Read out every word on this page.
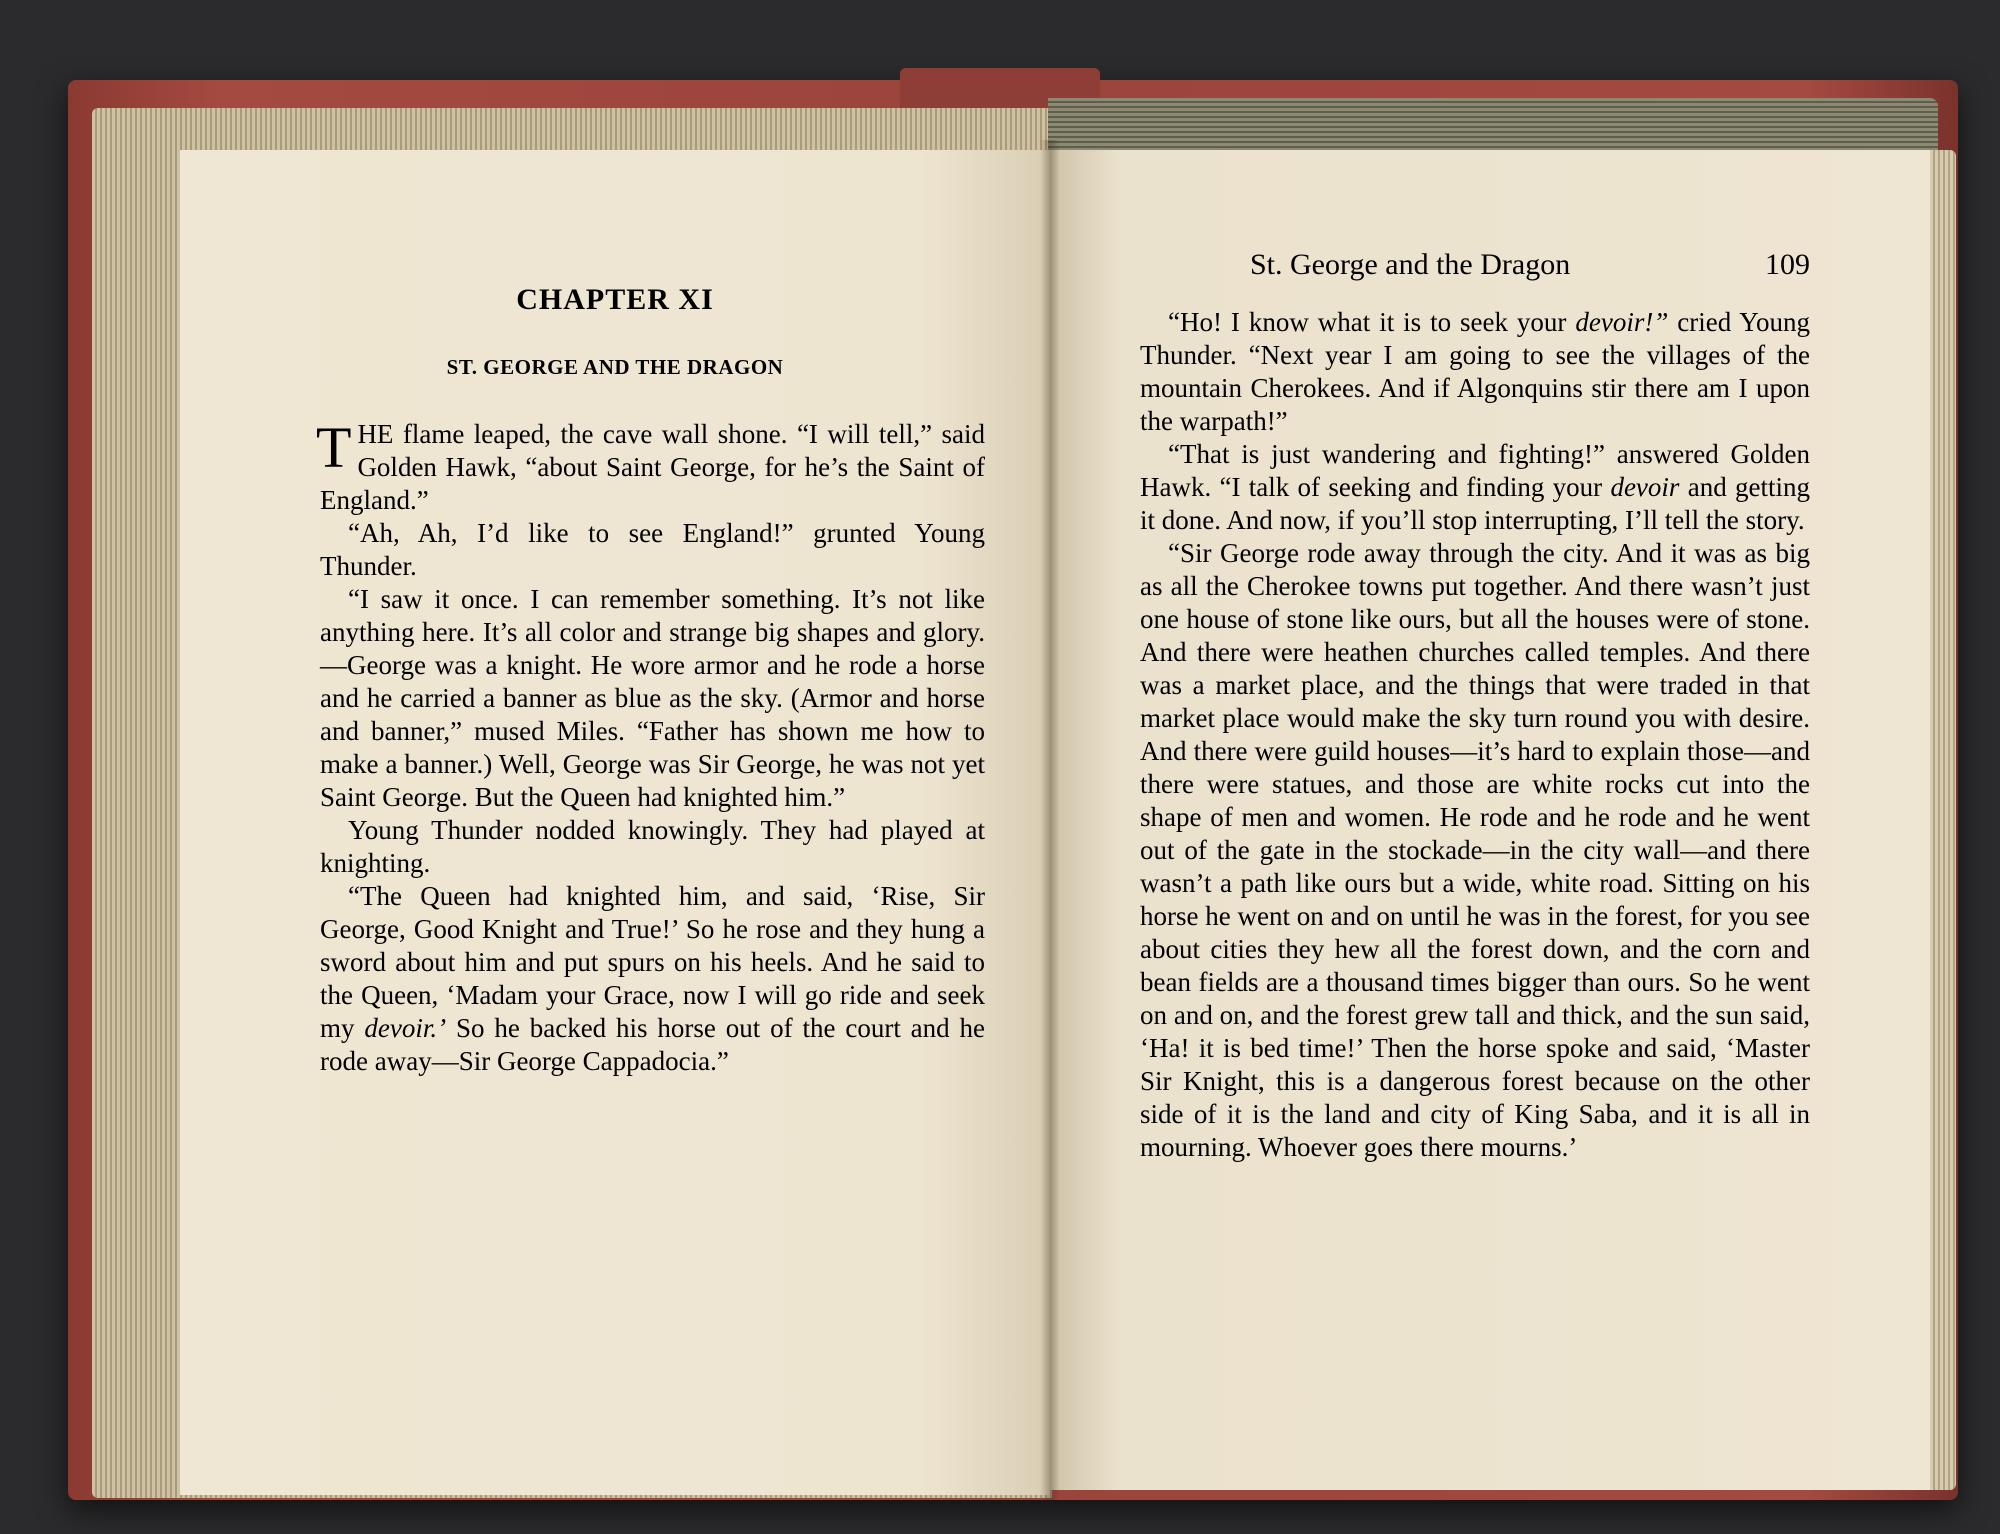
CHAPTER XI
ST. GEORGE AND THE DRAGON

THE flame leaped, the cave wall shone. “I will tell,” said Golden Hawk, “about Saint George, for he’s the Saint of England.”

“Ah, Ah, I’d like to see England!” grunted Young Thunder.

“I saw it once. I can remember something. It’s not like anything here. It’s all color and strange big shapes and glory.—George was a knight. He wore armor and he rode a horse and he carried a banner as blue as the sky. (Armor and horse and banner,” mused Miles. “Father has shown me how to make a banner.) Well, George was Sir George, he was not yet Saint George. But the Queen had knighted him.”

Young Thunder nodded knowingly. They had played at knighting.

“The Queen had knighted him, and said, ‘Rise, Sir George, Good Knight and True!’ So he rose and they hung a sword about him and put spurs on his heels. And he said to the Queen, ‘Madam your Grace, now I will go ride and seek my devoir.’ So he backed his horse out of the court and he rode away—Sir George Cappadocia.”

St. George and the Dragon	109

“Ho! I know what it is to seek your devoir!” cried Young Thunder. “Next year I am going to see the villages of the mountain Cherokees. And if Algonquins stir there am I upon the warpath!”

“That is just wandering and fighting!” answered Golden Hawk. “I talk of seeking and finding your devoir and getting it done. And now, if you’ll stop interrupting, I’ll tell the story.

“Sir George rode away through the city. And it was as big as all the Cherokee towns put together. And there wasn’t just one house of stone like ours, but all the houses were of stone. And there were heathen churches called temples. And there was a market place, and the things that were traded in that market place would make the sky turn round you with desire. And there were guild houses—it’s hard to explain those—and there were statues, and those are white rocks cut into the shape of men and women. He rode and he rode and he went out of the gate in the stockade—in the city wall—and there wasn’t a path like ours but a wide, white road. Sitting on his horse he went on and on until he was in the forest, for you see about cities they hew all the forest down, and the corn and bean fields are a thousand times bigger than ours. So he went on and on, and the forest grew tall and thick, and the sun said, ‘Ha! it is bed time!’ Then the horse spoke and said, ‘Master Sir Knight, this is a dangerous forest because on the other side of it is the land and city of King Saba, and it is all in mourning. Whoever goes there mourns.’
